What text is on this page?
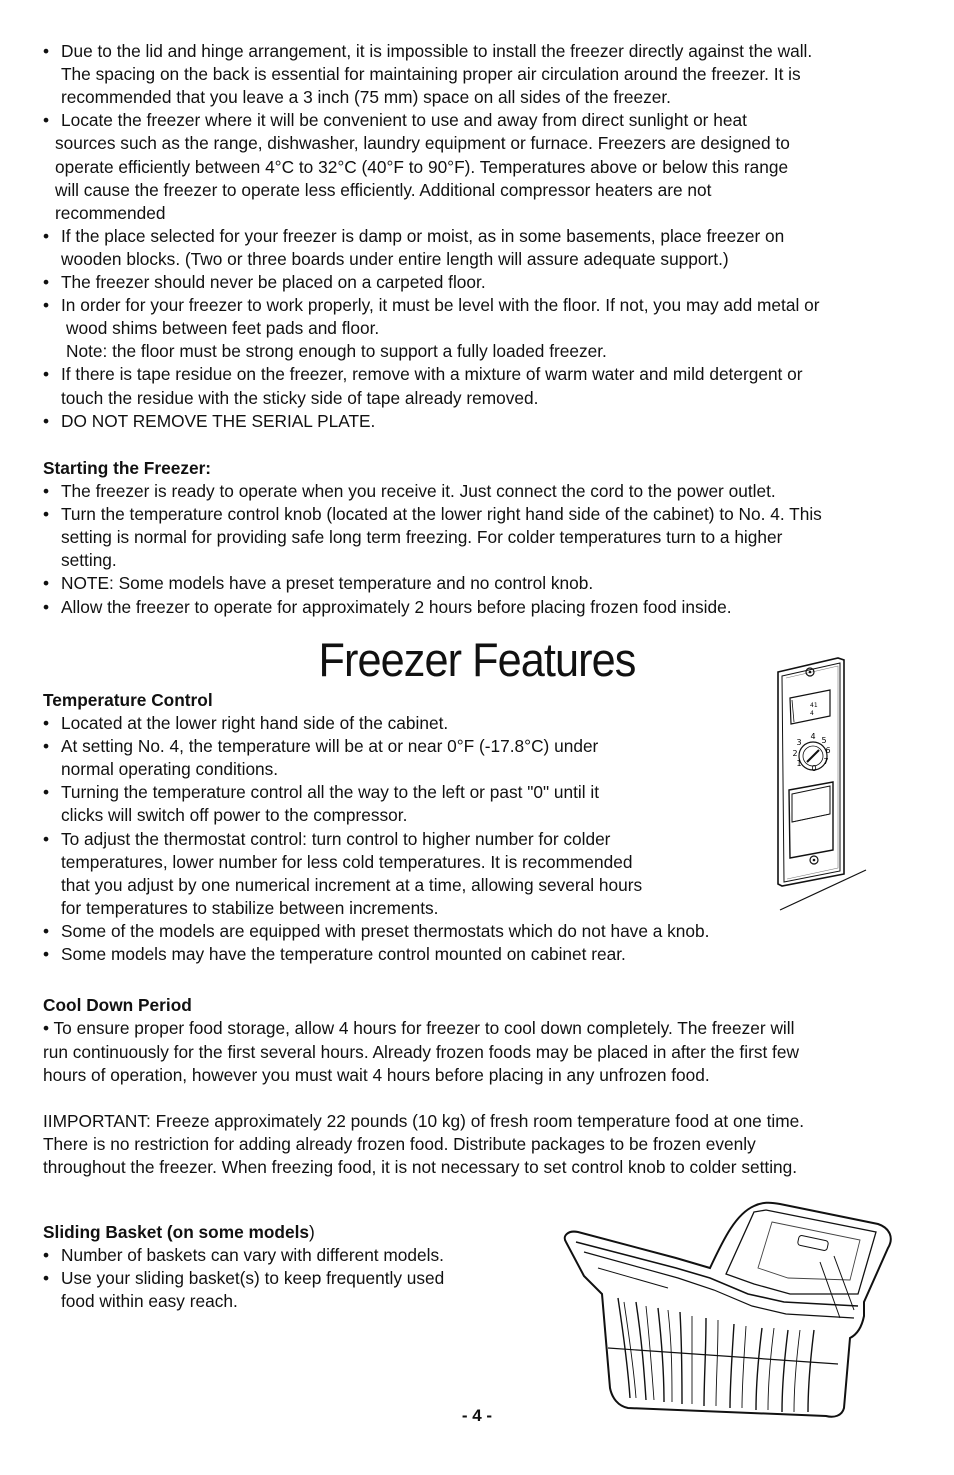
• Due to the lid and hinge arrangement, it is impossible to install the freezer directly against the wall.
The spacing on the back is essential for maintaining proper air circulation around the freezer. It is
recommended that you leave a 3 inch (75 mm) space on all sides of the freezer.
• Locate the freezer where it will be convenient to use and away from direct sunlight or heat
sources such as the range, dishwasher, laundry equipment or furnace. Freezers are designed to
operate efficiently between 4°C to 32°C (40°F to 90°F). Temperatures above or below this range
will cause the freezer to operate less efficiently. Additional compressor heaters are not
recommended
• If the place selected for your freezer is damp or moist, as in some basements, place freezer on
wooden blocks. (Two or three boards under entire length will assure adequate support.)
• The freezer should never be placed on a carpeted floor.
• In order for your freezer to work properly, it must be level with the floor. If not, you may add metal or
wood shims between feet pads and floor.
Note: the floor must be strong enough to support a fully loaded freezer.
• If there is tape residue on the freezer, remove with a mixture of warm water and mild detergent or
touch the residue with the sticky side of tape already removed.
• DO NOT REMOVE THE SERIAL PLATE.
Starting the Freezer:
• The freezer is ready to operate when you receive it. Just connect the cord to the power outlet.
• Turn the temperature control knob (located at the lower right hand side of the cabinet) to No. 4. This
setting is normal for providing safe long term freezing. For colder temperatures turn to a higher
setting.
• NOTE: Some models have a preset temperature and no control knob.
• Allow the freezer to operate for approximately 2 hours before placing frozen food inside.
Freezer Features
Temperature Control
• Located at the lower right hand side of the cabinet.
• At setting No. 4, the temperature will be at or near 0°F (-17.8°C) under
normal operating conditions.
• Turning the temperature control all the way to the left or past "0" until it
clicks will switch off power to the compressor.
• To adjust the thermostat control: turn control to higher number for colder
temperatures, lower number for less cold temperatures. It is recommended
that you adjust by one numerical increment at a time, allowing several hours
for temperatures to stabilize between increments.
• Some of the models are equipped with preset thermostats which do not have a knob.
• Some models may have the temperature control mounted on cabinet rear.
41
4
4 5
6
7
0
1
2
3
Cool Down Period
• To ensure proper food storage, allow 4 hours for freezer to cool down completely. The freezer will
run continuously for the first several hours. Already frozen foods may be placed in after the first few
hours of operation, however you must wait 4 hours before placing in any unfrozen food.
IIMPORTANT: Freeze approximately 22 pounds (10 kg) of fresh room temperature food at one time.
There is no restriction for adding already frozen food. Distribute packages to be frozen evenly
throughout the freezer. When freezing food, it is not necessary to set control knob to colder setting.
Sliding Basket (on some models)
• Number of baskets can vary with different models.
• Use your sliding basket(s) to keep frequently used
food within easy reach.
- 4 -
